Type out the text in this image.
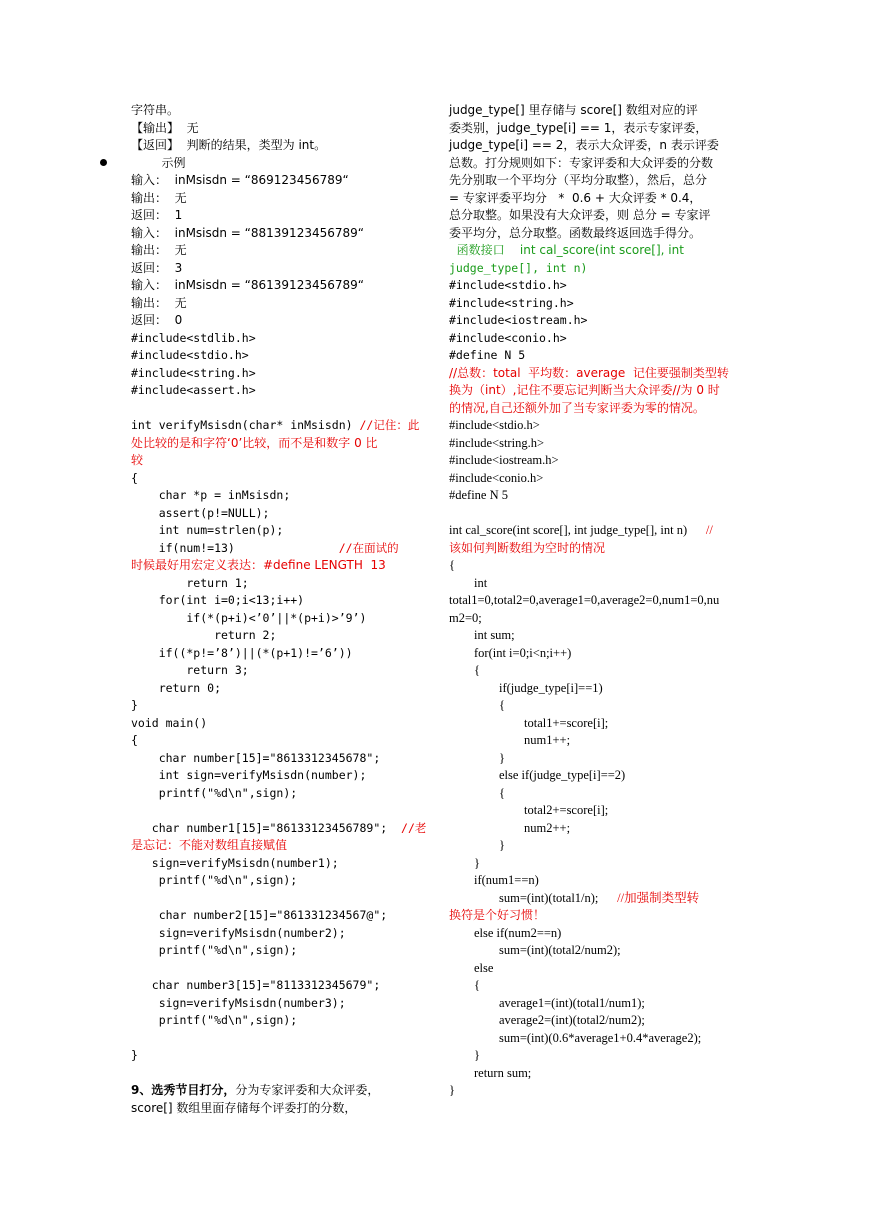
字符串。
【输出】  无
【返回】  判断的结果，类型为 int。
示例
输入：  inMsisdn = “869123456789“
输出：  无
返回：  1
输入：  inMsisdn = “88139123456789“
输出：  无
返回：  3
输入：  inMsisdn = “86139123456789“
输出：  无
返回：  0
#include<stdlib.h>
#include<stdio.h>
#include<string.h>
#include<assert.h>
int verifyMsisdn(char* inMsisdn) //记住：此
处比较的是和字符‘0’比较，而不是和数字 0 比
较
{
char *p = inMsisdn;
assert(p!=NULL);
int num=strlen(p);
if(num!=13)               //在面试的
时候最好用宏定义表达：#define LENGTH  13
return 1;
for(int i=0;i<13;i++)
if(*(p+i)<’0’||*(p+i)>’9’)
return 2;
if((*p!=’8’)||(*(p+1)!=’6’))
return 3;
return 0;
}
void main()
{
char number[15]="8613312345678";
int sign=verifyMsisdn(number);
printf("%d\n",sign);
char number1[15]="86133123456789";  //老
是忘记：不能对数组直接赋值
sign=verifyMsisdn(number1);
printf("%d\n",sign);
char number2[15]="861331234567@";
sign=verifyMsisdn(number2);
printf("%d\n",sign);
char number3[15]="8113312345679";
sign=verifyMsisdn(number3);
printf("%d\n",sign);
}
9、选秀节目打分，分为专家评委和大众评委，
score[] 数组里面存储每个评委打的分数，
judge_type[] 里存储与 score[] 数组对应的评
委类别，judge_type[i] == 1，表示专家评委，
judge_type[i] == 2，表示大众评委，n 表示评委
总数。打分规则如下：专家评委和大众评委的分数
先分别取一个平均分（平均分取整），然后，总分
= 专家评委平均分   *  0.6 + 大众评委 * 0.4，
总分取整。如果没有大众评委，则 总分 = 专家评
委平均分，总分取整。函数最终返回选手得分。
函数接口    int cal_score(int score[], int
judge_type[], int n)
#include<stdio.h>
#include<string.h>
#include<iostream.h>
#include<conio.h>
#define N 5
//总数：total  平均数：average  记住要强制类型转
换为（int）,记住不要忘记判断当大众评委//为 0 时
的情况,自己还额外加了当专家评委为零的情况。
#include<stdio.h>
#include<string.h>
#include<iostream.h>
#include<conio.h>
#define N 5
int cal_score(int score[], int judge_type[], int n)      //
该如何判断数组为空时的情况
{
int
total1=0,total2=0,average1=0,average2=0,num1=0,nu
m2=0;
int sum;
for(int i=0;i<n;i++)
{
if(judge_type[i]==1)
{
total1+=score[i];
num1++;
}
else if(judge_type[i]==2)
{
total2+=score[i];
num2++;
}
}
if(num1==n)
sum=(int)(total1/n);      //加强制类型转
换符是个好习惯！
else if(num2==n)
sum=(int)(total2/num2);
else
{
average1=(int)(total1/num1);
average2=(int)(total2/num2);
sum=(int)(0.6*average1+0.4*average2);
}
return sum;
}
